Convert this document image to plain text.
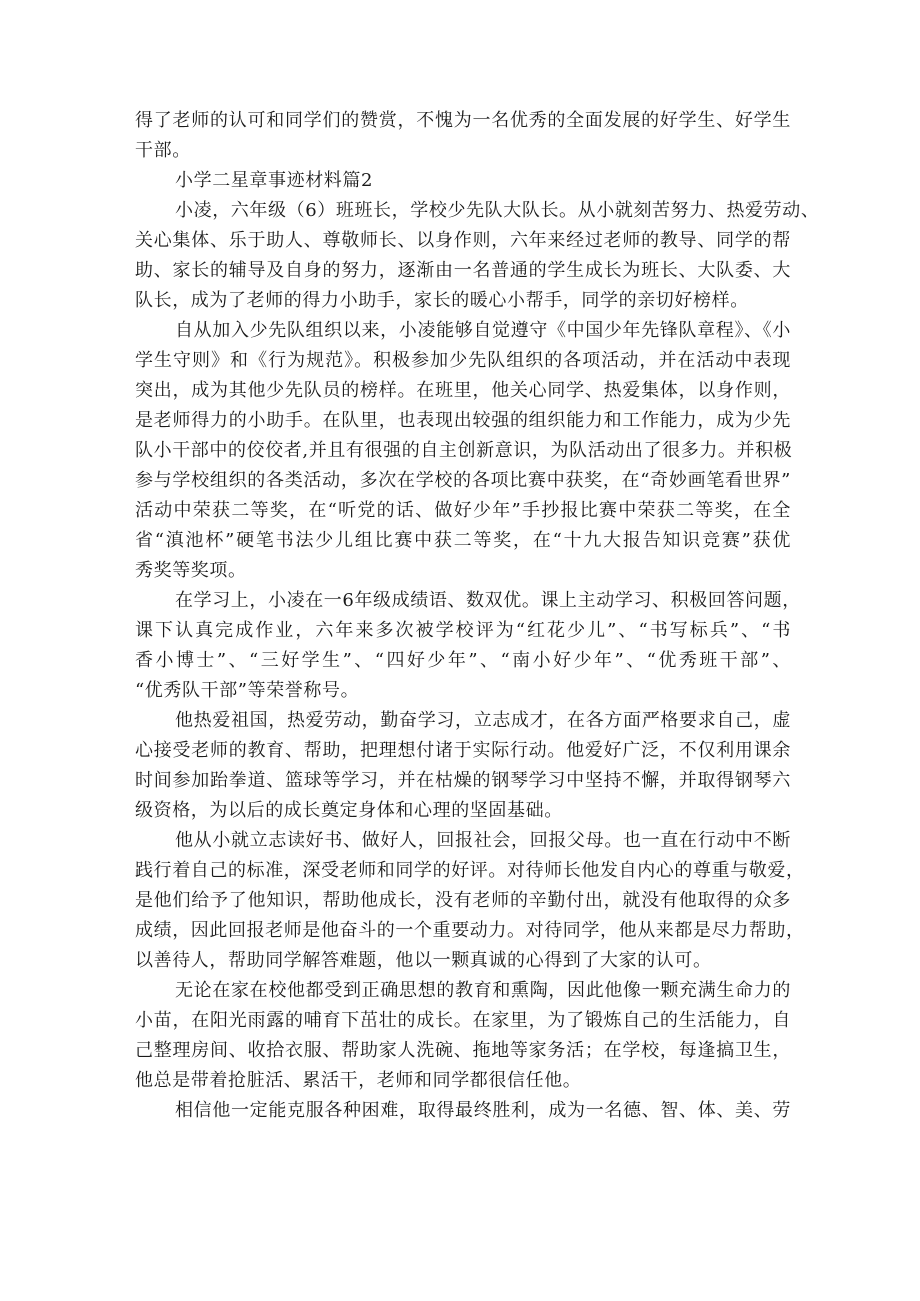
得了老师的认可和同学们的赞赏，不愧为一名优秀的全面发展的好学生、好学生
干部。
小学二星章事迹材料篇2
小凌，六年级（6）班班长，学校少先队大队长。从小就刻苦努力、热爱劳动、
关心集体、乐于助人、尊敬师长、以身作则，六年来经过老师的教导、同学的帮
助、家长的辅导及自身的努力，逐渐由一名普通的学生成长为班长、大队委、大
队长，成为了老师的得力小助手，家长的暖心小帮手，同学的亲切好榜样。
自从加入少先队组织以来，小凌能够自觉遵守《中国少年先锋队章程》、《小
学生守则》和《行为规范》。积极参加少先队组织的各项活动，并在活动中表现
突出，成为其他少先队员的榜样。在班里，他关心同学、热爱集体，以身作则，
是老师得力的小助手。在队里，也表现出较强的组织能力和工作能力，成为少先
队小干部中的佼佼者,并且有很强的自主创新意识，为队活动出了很多力。并积极
参与学校组织的各类活动，多次在学校的各项比赛中获奖，在“奇妙画笔看世界”
活动中荣获二等奖，在“听党的话、做好少年”手抄报比赛中荣获二等奖，在全
省“滇池杯”硬笔书法少儿组比赛中获二等奖，在“十九大报告知识竞赛”获优
秀奖等奖项。
在学习上，小凌在一6年级成绩语、数双优。课上主动学习、积极回答问题，
课下认真完成作业，六年来多次被学校评为“红花少儿”、“书写标兵”、“书
香小博士”、“三好学生”、“四好少年”、“南小好少年”、“优秀班干部”、
“优秀队干部”等荣誉称号。
他热爱祖国，热爱劳动，勤奋学习，立志成才，在各方面严格要求自己，虚
心接受老师的教育、帮助，把理想付诸于实际行动。他爱好广泛，不仅利用课余
时间参加跆拳道、篮球等学习，并在枯燥的钢琴学习中坚持不懈，并取得钢琴六
级资格，为以后的成长奠定身体和心理的坚固基础。
他从小就立志读好书、做好人，回报社会，回报父母。也一直在行动中不断
践行着自己的标准，深受老师和同学的好评。对待师长他发自内心的尊重与敬爱，
是他们给予了他知识，帮助他成长，没有老师的辛勤付出，就没有他取得的众多
成绩，因此回报老师是他奋斗的一个重要动力。对待同学，他从来都是尽力帮助，
以善待人，帮助同学解答难题，他以一颗真诚的心得到了大家的认可。
无论在家在校他都受到正确思想的教育和熏陶，因此他像一颗充满生命力的
小苗，在阳光雨露的哺育下茁壮的成长。在家里，为了锻炼自己的生活能力，自
己整理房间、收拾衣服、帮助家人洗碗、拖地等家务活；在学校，每逢搞卫生，
他总是带着抢脏活、累活干，老师和同学都很信任他。
相信他一定能克服各种困难，取得最终胜利，成为一名德、智、体、美、劳
